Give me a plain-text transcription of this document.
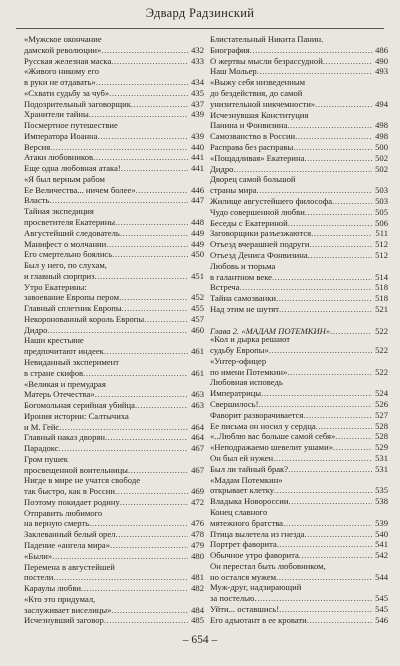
Эдвард Радзинский
«Мужское окончание
дамской революции» .....	432
Русская железная маска .....	433
«Живого никому его
в руки не отдавать» .....	434
«Схвати судьбу за чуб» .....	435
Подозрительный заговорщик .....	437
Хранители тайны .....	439
Посмертное путешествие
Императора Иоанна .....	439
Версия .....	440
Атаки любовников .....	441
Еще одна любовная атака! .....	441
«Я был верным рабом
Ее Величества... ничем более» .....	446
Власть .....	447
Тайная экспедиция
просветителя Екатерины .....	448
Августейший следователь .....	449
Манифест о молчании .....	449
Его смертельно боялись .....	450
Был у него, по слухам,
и главный сюрприз .....	451
Утро Екатерины:
завоевание Европы пером .....	452
Главный сплетник Европы .....	455
Некоронованный король Европы .....	457
Дидро .....	460
Наши крестьяне
предпочитают индеек .....	461
Невиданный эксперимент
в стране скифов .....	461
«Великая и премудрая
Матерь Отечества» .....	463
Богомольная серийная убийца .....	463
Ирония истории: Салтычиха
и М. Гейс .....	464
Главный наказ дворян .....	464
Парадокс .....	467
Гром пушек
просвещенной воительницы .....	467
Нигде в мире не учатся свободе
так быстро, как в России .....	469
Поэтому покидает родину .....	472
Отправить любимого
на верную смерть .....	476
Заклеванный белый орел .....	478
Падение «ангела мира» .....	479
«Были» .....	480
Перемена в августейшей
постели .....	481
Караулы любви .....	482
«Кто это придумал,
заслуживает виселицы» .....	484
Исчезнувший заговор .....	485
Блистательный Никита Панин.
Биография .....	486
О жертвы мысли безрассудной .....	490
Наш Мольер .....	493
«Выжу себя низведенным
до бездействия, до самой
унизительной никчемности» .....	494
Исчезнувшая Конституция
Панина и Фонвизина .....	498
Самозванство в России .....	498
Расправа без расправы .....	500
«Пощадливая» Екатерина .....	502
Дидро .....	502
Дворец самой большой
страны мира .....	503
Жилище августейшего философа .....	503
Чудо совершенной любви .....	505
Беседы с Екатериной .....	506
Заговорщики разъезжаются .....	511
Отъезд вчерашней подруги .....	512
Отъезд Дениса Фонвизина .....	512
Любовь и тюрьма
в галантном веке .....	514
Встреча .....	518
Тайна самозванки .....	518
Над этим не шутят .....	521
Глава 2. «МАДАМ ПОТЕМКИН» .....	522
«Кол и дырка решают
судьбу Европы» .....	522
«Унтер-офицер
по имени Потемкин» .....	522
Любовная исповедь
Императрицы .....	524
Свершилось! .....	526
Фаворит разворачивается .....	527
Ее письма он носил у сердца .....	528
«..Люблю вас больше самой себя» .....	528
«Неподражаемо шевелит ушами» .....	529
Он был ей нужен .....	531
Был ли тайный брак? .....	531
«Мадам Потемкин»
открывает клетку .....	535
Владыка Новороссии .....	538
Конец славного
мятежного братства .....	539
Птица вылетела из гнезда .....	540
Портрет фаворита .....	541
Обычное утро фаворита .....	542
Он перестал быть любовником,
но остался мужем .....	544
Муж-друг, надзирающий
за постелью .....	545
Уйти... оставшись! .....	545
Его адъютант в ее кровати .....	546
– 654 –
